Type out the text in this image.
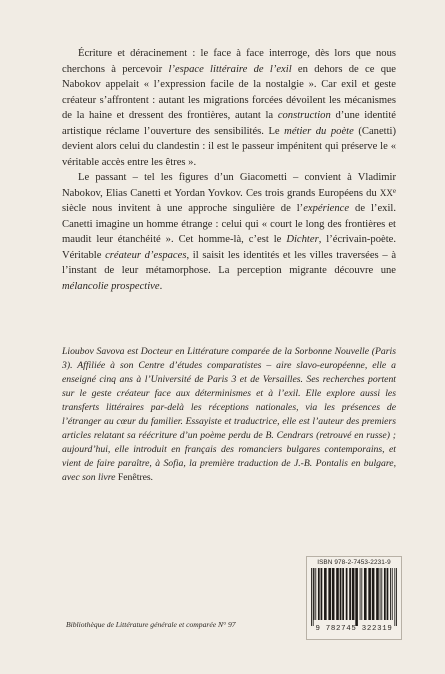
Écriture et déracinement : le face à face interroge, dès lors que nous cherchons à percevoir l’espace littéraire de l’exil en dehors de ce que Nabokov appelait « l’expression facile de la nostalgie ». Car exil et geste créateur s’affrontent : autant les migrations forcées dévoilent les mécanismes de la haine et dressent des frontières, autant la construction d’une identité artistique réclame l’ouverture des sensibilités. Le métier du poète (Canetti) devient alors celui du clandestin : il est le passeur impénitent qui préserve le « véritable accès entre les êtres ».

Le passant – tel les figures d’un Giacometti – convient à Vladimir Nabokov, Elias Canetti et Yordan Yovkov. Ces trois grands Européens du XXe siècle nous invitent à une approche singulière de l’expérience de l’exil. Canetti imagine un homme étrange : celui qui « court le long des frontières et maudit leur étanchéité ». Cet homme-là, c’est le Dichter, l’écrivain-poète. Véritable créateur d’espaces, il saisit les identités et les villes traversées – à l’instant de leur métamorphose. La perception migrante découvre une mélancolie prospective.

Lioubov Savova est Docteur en Littérature comparée de la Sorbonne Nouvelle (Paris 3). Affiliée à son Centre d’études comparatistes – aire slavo-européenne, elle a enseigné cinq ans à l’Université de Paris 3 et de Versailles. Ses recherches portent sur le geste créateur face aux déterminismes et à l’exil. Elle explore aussi les transferts littéraires par-delà les réceptions nationales, via les présences de l’étranger au cœur du familier. Essayiste et traductrice, elle est l’auteur des premiers articles relatant sa réécriture d’un poème perdu de B. Cendrars (retrouvé en russe) ; aujourd’hui, elle introduit en français des romanciers bulgares contemporains, et vient de faire paraître, à Sofia, la première traduction de J.-B. Pontalis en bulgare, avec son livre Fenêtres.

ISBN 978-2-7453-2231-9
9 782745 322319
Bibliothèque de Littérature générale et comparée N° 97
